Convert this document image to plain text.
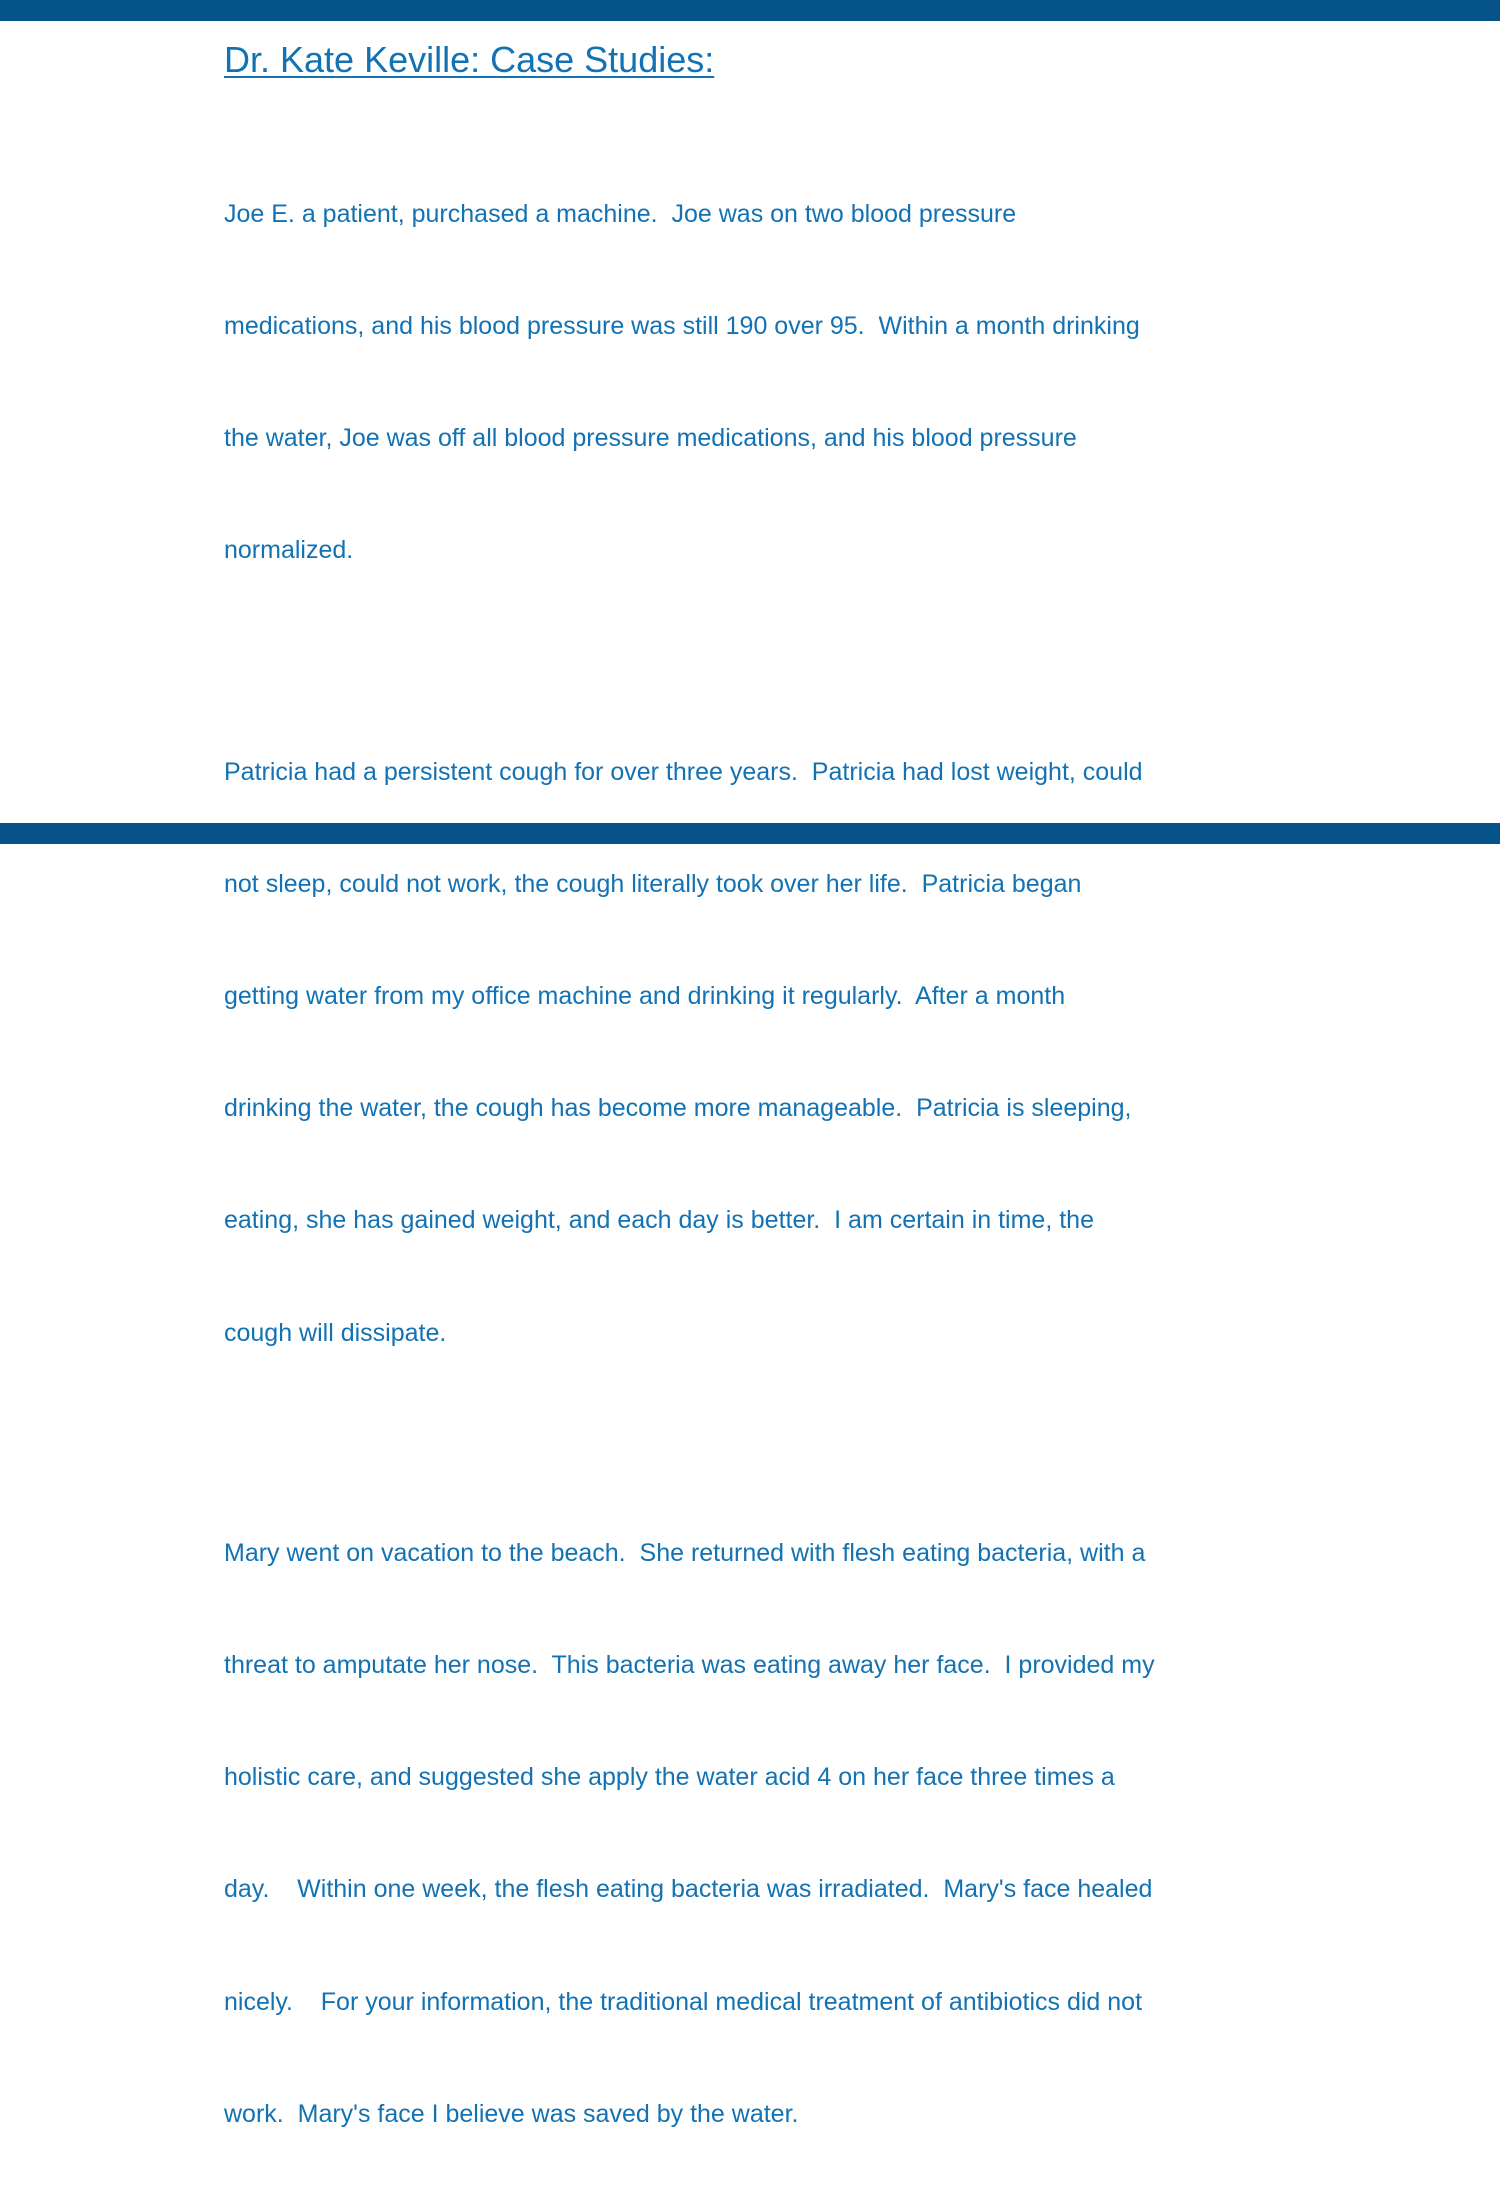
Dr. Kate Keville: Case Studies:

Joe E. a patient, purchased a machine.  Joe was on two blood pressure

medications, and his blood pressure was still 190 over 95.  Within a month drinking

the water, Joe was off all blood pressure medications, and his blood pressure

normalized.

Patricia had a persistent cough for over three years.  Patricia had lost weight, could

not sleep, could not work, the cough literally took over her life.  Patricia began

getting water from my office machine and drinking it regularly.  After a month

drinking the water, the cough has become more manageable.  Patricia is sleeping,

eating, she has gained weight, and each day is better.  I am certain in time, the

cough will dissipate.

Mary went on vacation to the beach.  She returned with flesh eating bacteria, with a

threat to amputate her nose.  This bacteria was eating away her face.  I provided my

holistic care, and suggested she apply the water acid 4 on her face three times a

day.    Within one week, the flesh eating bacteria was irradiated.  Mary's face healed

nicely.    For your information, the traditional medical treatment of antibiotics did not

work.  Mary's face I believe was saved by the water.
